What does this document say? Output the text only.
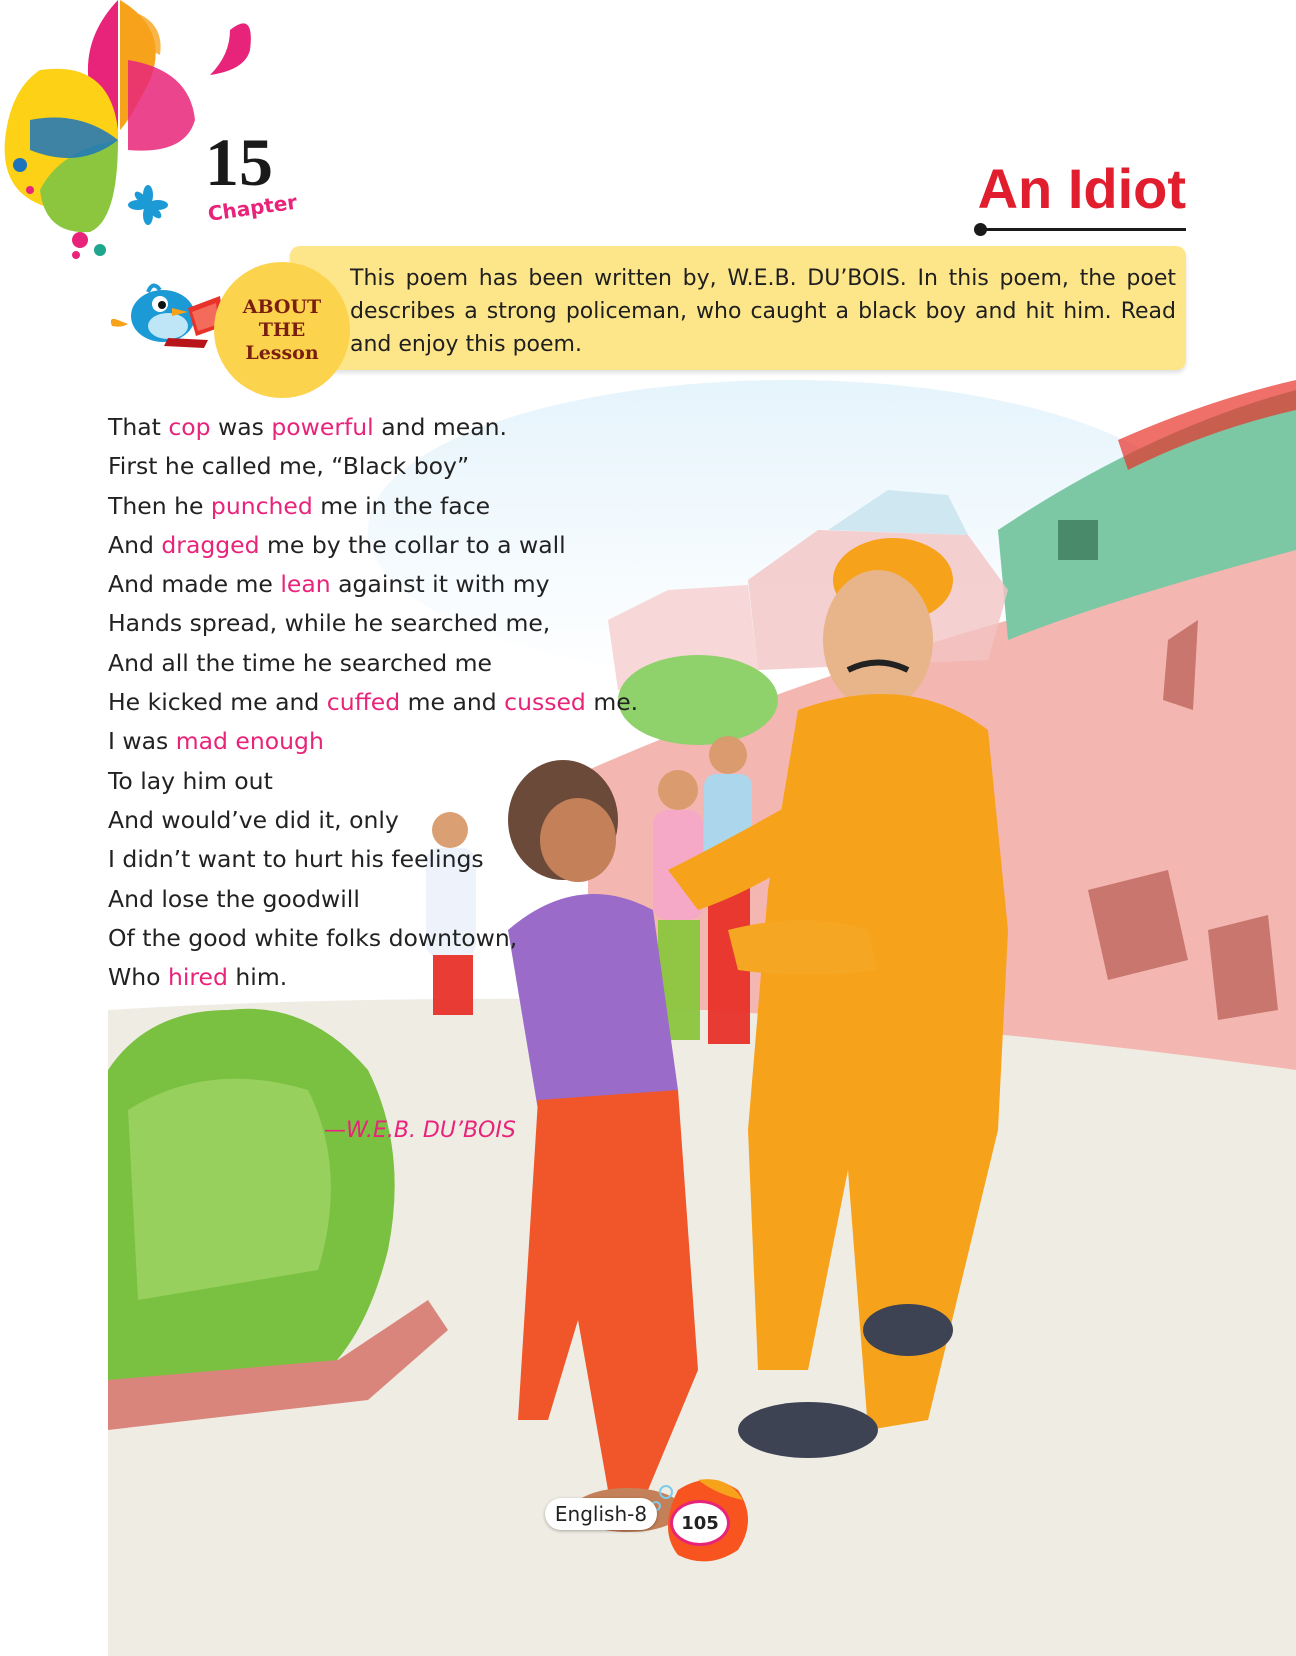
15
Chapter	An Idiot
ABOUT
THE
Lesson
This poem has been written by, W.E.B. DU’BOIS. In this poem, the poet describes a strong policeman, who caught a black boy and hit him. Read and enjoy this poem.
That cop was powerful and mean.
First he called me, “Black boy”
Then he punched me in the face
And dragged me by the collar to a wall
And made me lean against it with my
Hands spread, while he searched me,
And all the time he searched me
He kicked me and cuffed me and cussed me.
I was mad enough
To lay him out
And would’ve did it, only
I didn’t want to hurt his feelings
And lose the goodwill
Of the good white folks downtown,
Who hired him.
—W.E.B. DU’BOIS
English-8	105
